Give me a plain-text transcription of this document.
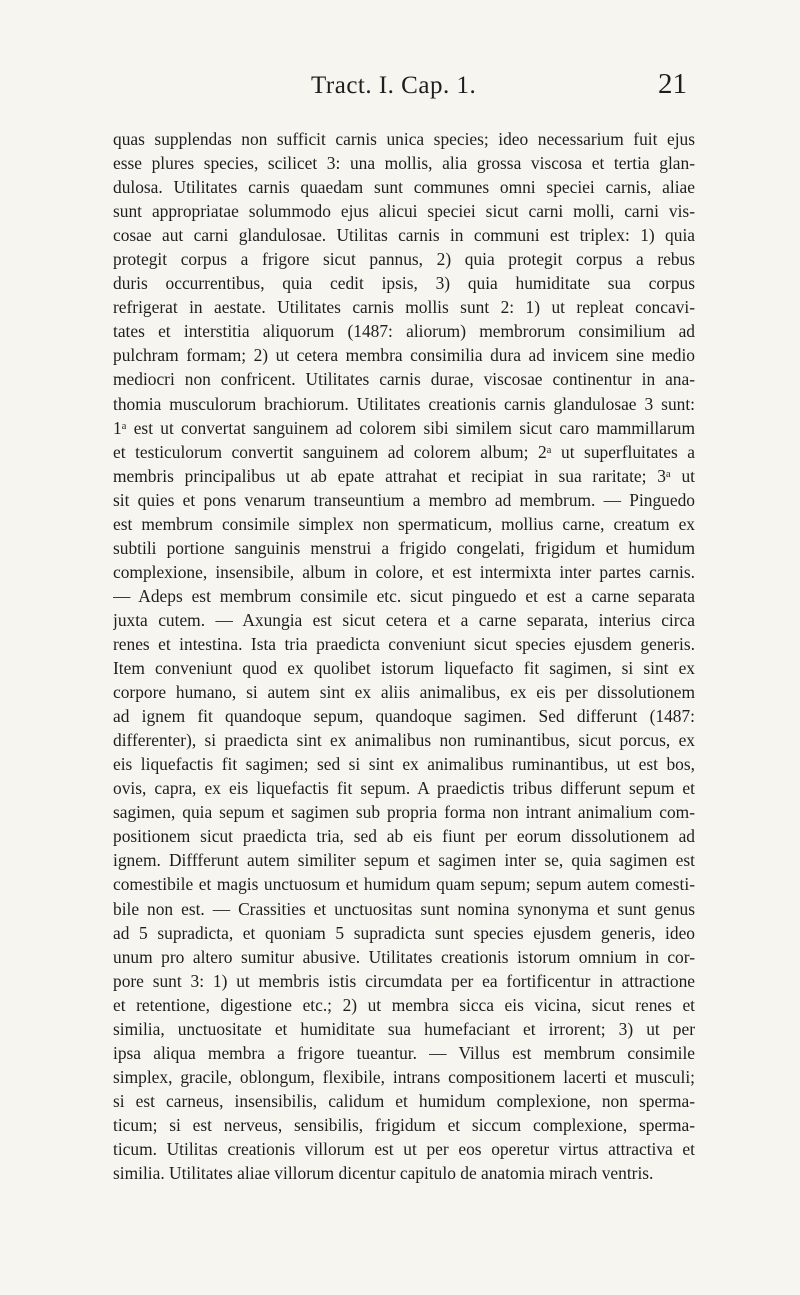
Tract. I. Cap. 1.	21
quas supplendas non sufficit carnis unica species; ideo necessarium fuit ejus
esse plures species, scilicet 3: una mollis, alia grossa viscosa et tertia glan-
dulosa. Utilitates carnis quaedam sunt communes omni speciei carnis, aliae
sunt appropriatae solummodo ejus alicui speciei sicut carni molli, carni vis-
cosae aut carni glandulosae. Utilitas carnis in communi est triplex: 1) quia
protegit corpus a frigore sicut pannus, 2) quia protegit corpus a rebus
duris occurrentibus, quia cedit ipsis, 3) quia humiditate sua corpus
refrigerat in aestate. Utilitates carnis mollis sunt 2: 1) ut repleat concavi-
tates et interstitia aliquorum (1487: aliorum) membrorum consimilium ad
pulchram formam; 2) ut cetera membra consimilia dura ad invicem sine medio
mediocri non confricent. Utilitates carnis durae, viscosae continentur in ana-
thomia musculorum brachiorum. Utilitates creationis carnis glandulosae 3 sunt:
1ᵃ est ut convertat sanguinem ad colorem sibi similem sicut caro mammillarum
et testiculorum convertit sanguinem ad colorem album; 2ᵃ ut superfluitates a
membris principalibus ut ab epate attrahat et recipiat in sua raritate; 3ᵃ ut
sit quies et pons venarum transeuntium a membro ad membrum. — Pinguedo
est membrum consimile simplex non spermaticum, mollius carne, creatum ex
subtili portione sanguinis menstrui a frigido congelati, frigidum et humidum
complexione, insensibile, album in colore, et est intermixta inter partes carnis.
— Adeps est membrum consimile etc. sicut pinguedo et est a carne separata
juxta cutem. — Axungia est sicut cetera et a carne separata, interius circa
renes et intestina. Ista tria praedicta conveniunt sicut species ejusdem generis.
Item conveniunt quod ex quolibet istorum liquefacto fit sagimen, si sint ex
corpore humano, si autem sint ex aliis animalibus, ex eis per dissolutionem
ad ignem fit quandoque sepum, quandoque sagimen. Sed differunt (1487:
differenter), si praedicta sint ex animalibus non ruminantibus, sicut porcus, ex
eis liquefactis fit sagimen; sed si sint ex animalibus ruminantibus, ut est bos,
ovis, capra, ex eis liquefactis fit sepum. A praedictis tribus differunt sepum et
sagimen, quia sepum et sagimen sub propria forma non intrant animalium com-
positionem sicut praedicta tria, sed ab eis fiunt per eorum dissolutionem ad
ignem. Diffferunt autem similiter sepum et sagimen inter se, quia sagimen est
comestibile et magis unctuosum et humidum quam sepum; sepum autem comesti-
bile non est. — Crassities et unctuositas sunt nomina synonyma et sunt genus
ad 5 supradicta, et quoniam 5 supradicta sunt species ejusdem generis, ideo
unum pro altero sumitur abusive. Utilitates creationis istorum omnium in cor-
pore sunt 3: 1) ut membris istis circumdata per ea fortificentur in attractione
et retentione, digestione etc.; 2) ut membra sicca eis vicina, sicut renes et
similia, unctuositate et humiditate sua humefaciant et irrorent; 3) ut per
ipsa aliqua membra a frigore tueantur. — Villus est membrum consimile
simplex, gracile, oblongum, flexibile, intrans compositionem lacerti et musculi;
si est carneus, insensibilis, calidum et humidum complexione, non sperma-
ticum; si est nerveus, sensibilis, frigidum et siccum complexione, sperma-
ticum. Utilitas creationis villorum est ut per eos operetur virtus attractiva et
similia. Utilitates aliae villorum dicentur capitulo de anatomia mirach ventris.
